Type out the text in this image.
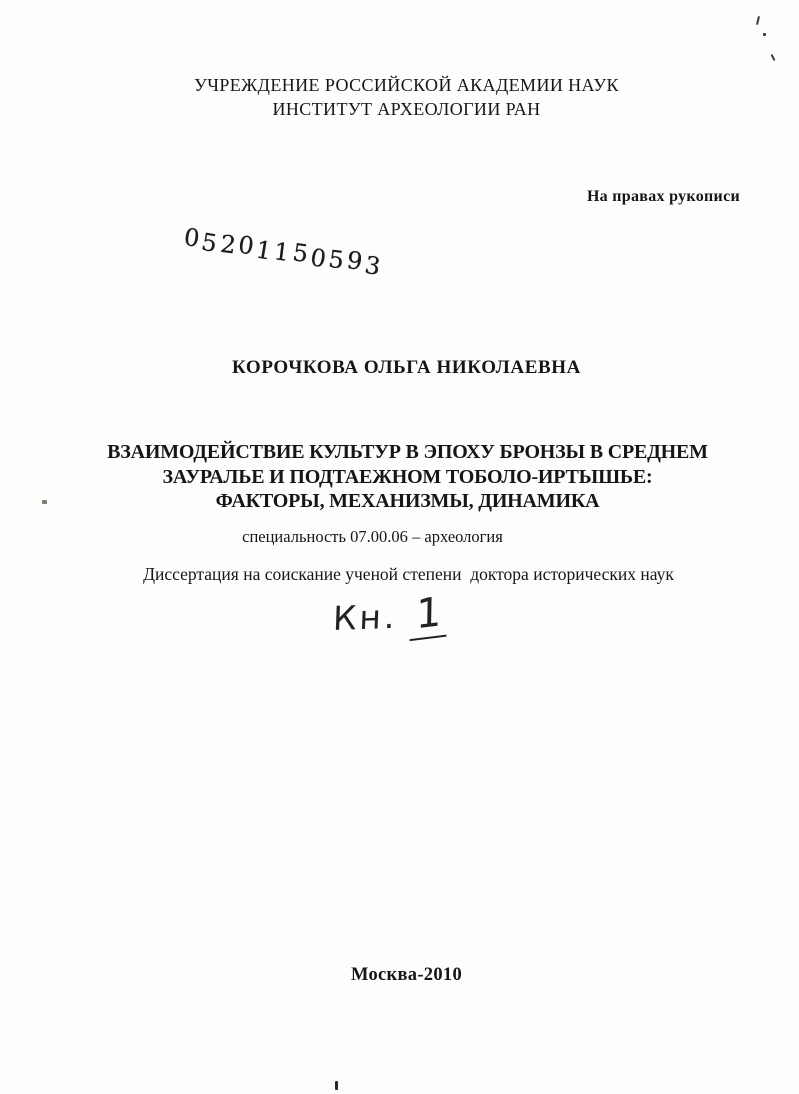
УЧРЕЖДЕНИЕ РОССИЙСКОЙ АКАДЕМИИ НАУК
ИНСТИТУТ АРХЕОЛОГИИ РАН
На правах рукописи
05201150593
КОРОЧКОВА ОЛЬГА НИКОЛАЕВНА
ВЗАИМОДЕЙСТВИЕ КУЛЬТУР В ЭПОХУ БРОНЗЫ В СРЕДНЕМ
ЗАУРАЛЬЕ И ПОДТАЕЖНОМ ТОБОЛО-ИРТЫШЬЕ:
ФАКТОРЫ, МЕХАНИЗМЫ, ДИНАМИКА
специальность 07.00.06 – археология
Диссертация на соискание ученой степени  доктора исторических наук
Кн. 1
Москва-2010
